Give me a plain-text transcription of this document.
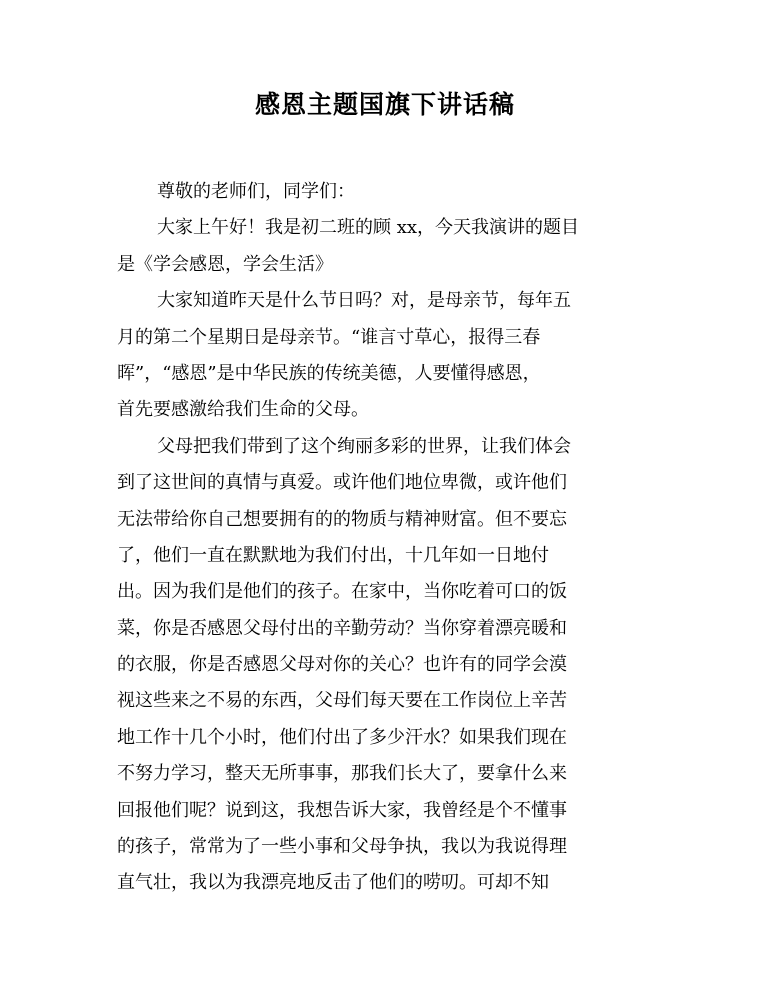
感恩主题国旗下讲话稿
尊敬的老师们，同学们：
大家上午好！我是初二班的顾 xx，今天我演讲的题目
是《学会感恩，学会生活》
大家知道昨天是什么节日吗？对，是母亲节，每年五
月的第二个星期日是母亲节。“谁言寸草心，报得三春
晖”，“感恩”是中华民族的传统美德，人要懂得感恩，
首先要感激给我们生命的父母。
父母把我们带到了这个绚丽多彩的世界，让我们体会
到了这世间的真情与真爱。或许他们地位卑微，或许他们
无法带给你自己想要拥有的的物质与精神财富。但不要忘
了，他们一直在默默地为我们付出，十几年如一日地付
出。因为我们是他们的孩子。在家中，当你吃着可口的饭
菜，你是否感恩父母付出的辛勤劳动？当你穿着漂亮暖和
的衣服，你是否感恩父母对你的关心？也许有的同学会漠
视这些来之不易的东西，父母们每天要在工作岗位上辛苦
地工作十几个小时，他们付出了多少汗水？如果我们现在
不努力学习，整天无所事事，那我们长大了，要拿什么来
回报他们呢？说到这，我想告诉大家，我曾经是个不懂事
的孩子，常常为了一些小事和父母争执，我以为我说得理
直气壮，我以为我漂亮地反击了他们的唠叨。可却不知
